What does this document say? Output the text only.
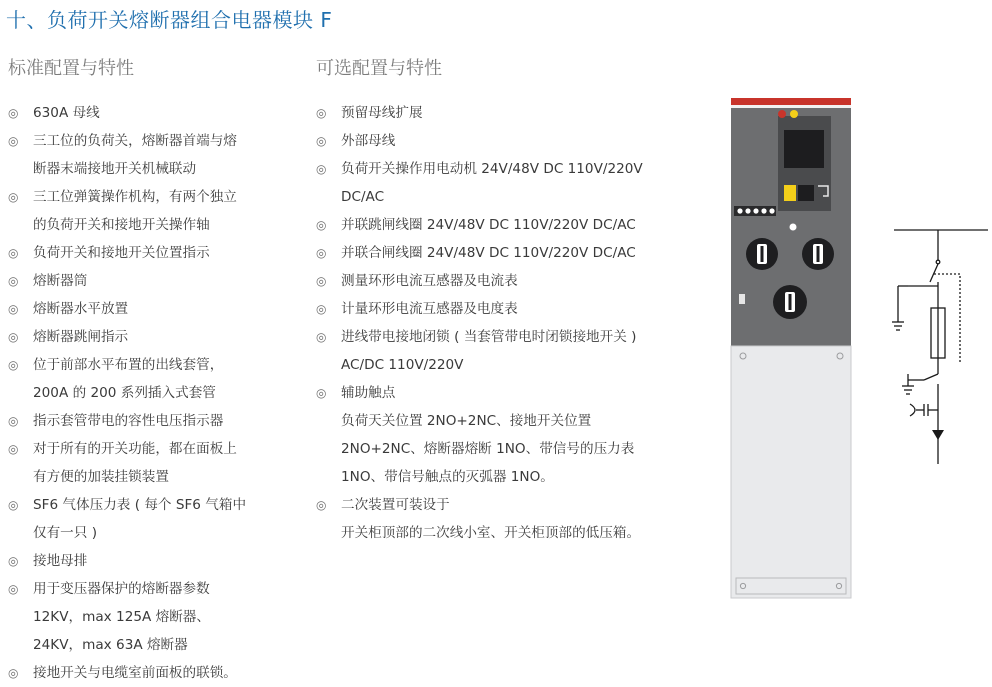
十、负荷开关熔断器组合电器模块 F
标准配置与特性	可选配置与特性
◎ 630A 母线
◎ 三工位的负荷关，熔断器首端与熔
断器末端接地开关机械联动
◎ 三工位弹簧操作机构，有两个独立
的负荷开关和接地开关操作轴
◎ 负荷开关和接地开关位置指示
◎ 熔断器筒
◎ 熔断器水平放置
◎ 熔断器跳闸指示
◎ 位于前部水平布置的出线套管，
200A 的 200 系列插入式套管
◎ 指示套管带电的容性电压指示器
◎ 对于所有的开关功能，都在面板上
有方便的加装挂锁装置
◎ SF6 气体压力表 ( 每个 SF6 气箱中
仅有一只 )
◎ 接地母排
◎ 用于变压器保护的熔断器参数
12KV，max 125A 熔断器、
24KV，max 63A 熔断器
◎ 接地开关与电缆室前面板的联锁。
◎ 预留母线扩展
◎ 外部母线
◎ 负荷开关操作用电动机 24V/48V DC 110V/220V
DC/AC
◎ 并联跳闸线圈 24V/48V DC 110V/220V DC/AC
◎ 并联合闸线圈 24V/48V DC 110V/220V DC/AC
◎ 测量环形电流互感器及电流表
◎ 计量环形电流互感器及电度表
◎ 进线带电接地闭锁 ( 当套管带电时闭锁接地开关 )
AC/DC 110V/220V
◎ 辅助触点
负荷天关位置 2NO+2NC、接地开关位置
2NO+2NC、熔断器熔断 1NO、带信号的压力表
1NO、带信号触点的灭弧器 1NO。
◎ 二次装置可装设于
开关柜顶部的二次线小室、开关柜顶部的低压箱。
